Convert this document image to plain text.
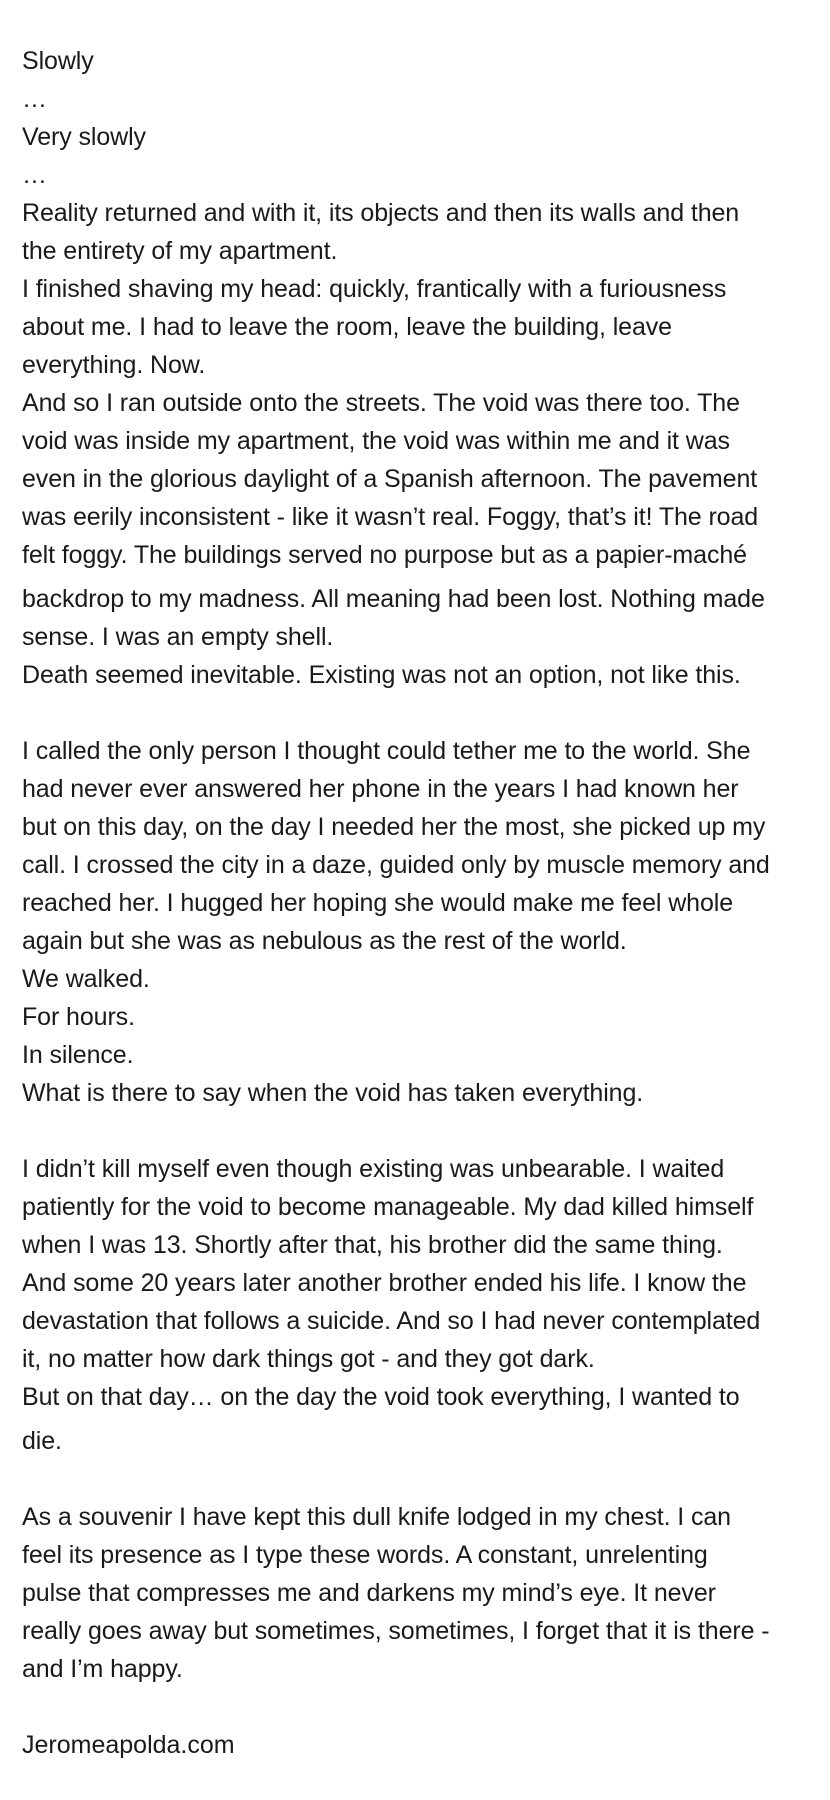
Slowly
…
Very slowly
…
Reality returned and with it, its objects and then its walls and then
the entirety of my apartment.
I finished shaving my head: quickly, frantically with a furiousness
about me. I had to leave the room, leave the building, leave
everything. Now.
And so I ran outside onto the streets. The void was there too. The
void was inside my apartment, the void was within me and it was
even in the glorious daylight of a Spanish afternoon. The pavement
was eerily inconsistent - like it wasn’t real. Foggy, that’s it! The road
felt foggy. The buildings served no purpose but as a papier-maché
backdrop to my madness. All meaning had been lost. Nothing made
sense. I was an empty shell.
Death seemed inevitable. Existing was not an option, not like this.
I called the only person I thought could tether me to the world. She
had never ever answered her phone in the years I had known her
but on this day, on the day I needed her the most, she picked up my
call. I crossed the city in a daze, guided only by muscle memory and
reached her. I hugged her hoping she would make me feel whole
again but she was as nebulous as the rest of the world.
We walked.
For hours.
In silence.
What is there to say when the void has taken everything.
I didn’t kill myself even though existing was unbearable. I waited
patiently for the void to become manageable. My dad killed himself
when I was 13. Shortly after that, his brother did the same thing.
And some 20 years later another brother ended his life. I know the
devastation that follows a suicide. And so I had never contemplated
it, no matter how dark things got - and they got dark.
But on that day… on the day the void took everything, I wanted to
die.
As a souvenir I have kept this dull knife lodged in my chest. I can
feel its presence as I type these words. A constant, unrelenting
pulse that compresses me and darkens my mind’s eye. It never
really goes away but sometimes, sometimes, I forget that it is there -
and I’m happy.
Jeromeapolda.com
